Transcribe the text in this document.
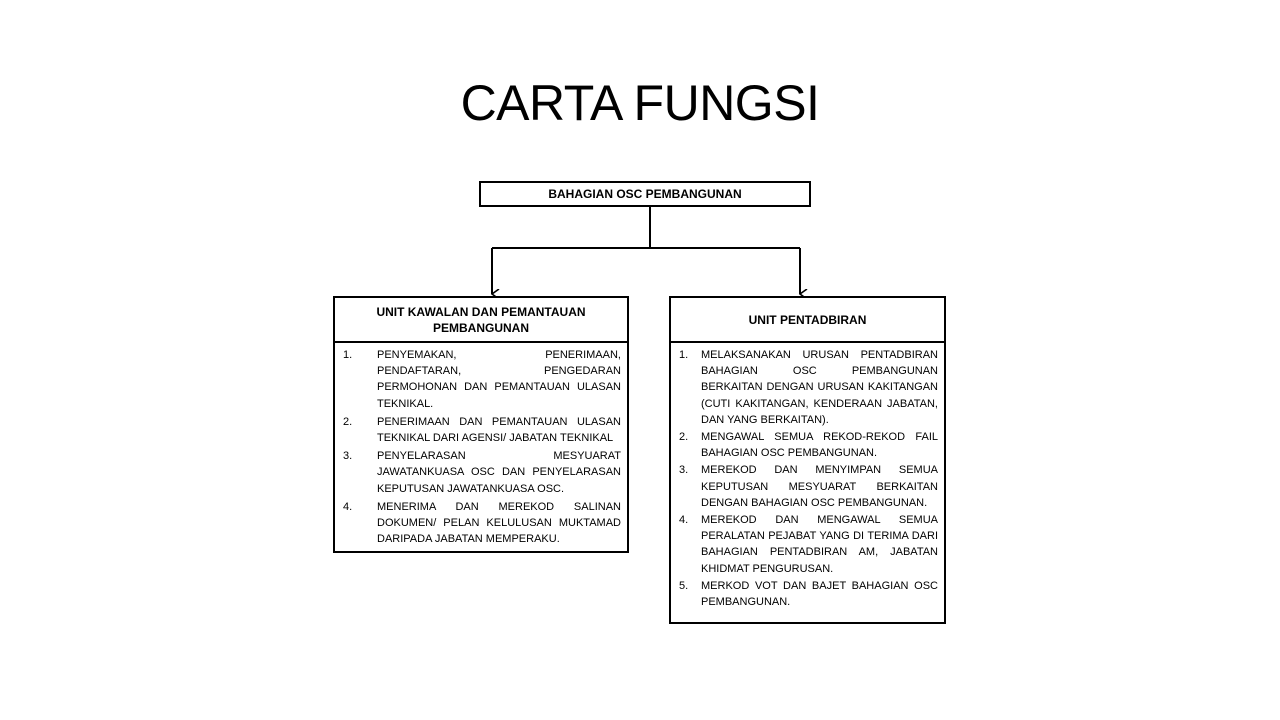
CARTA FUNGSI
BAHAGIAN OSC PEMBANGUNAN
UNIT KAWALAN DAN PEMANTAUAN PEMBANGUNAN
1.	PENYEMAKAN, PENERIMAAN, PENDAFTARAN, PENGEDARAN PERMOHONAN DAN PEMANTAUAN ULASAN TEKNIKAL.
2.	PENERIMAAN DAN PEMANTAUAN ULASAN TEKNIKAL DARI AGENSI/ JABATAN TEKNIKAL
3.	PENYELARASAN MESYUARAT JAWATANKUASA OSC DAN PENYELARASAN KEPUTUSAN JAWATANKUASA OSC.
4.	MENERIMA DAN MEREKOD SALINAN DOKUMEN/ PELAN KELULUSAN MUKTAMAD DARIPADA JABATAN MEMPERAKU.
UNIT PENTADBIRAN
1.	MELAKSANAKAN URUSAN PENTADBIRAN BAHAGIAN OSC PEMBANGUNAN BERKAITAN DENGAN URUSAN KAKITANGAN (CUTI KAKITANGAN, KENDERAAN JABATAN, DAN YANG BERKAITAN).
2.	MENGAWAL SEMUA REKOD-REKOD FAIL BAHAGIAN OSC PEMBANGUNAN.
3.	MEREKOD DAN MENYIMPAN SEMUA KEPUTUSAN MESYUARAT BERKAITAN DENGAN BAHAGIAN OSC PEMBANGUNAN.
4.	MEREKOD DAN MENGAWAL SEMUA PERALATAN PEJABAT YANG DI TERIMA DARI BAHAGIAN PENTADBIRAN AM, JABATAN KHIDMAT PENGURUSAN.
5.	MERKOD VOT DAN BAJET BAHAGIAN OSC PEMBANGUNAN.
